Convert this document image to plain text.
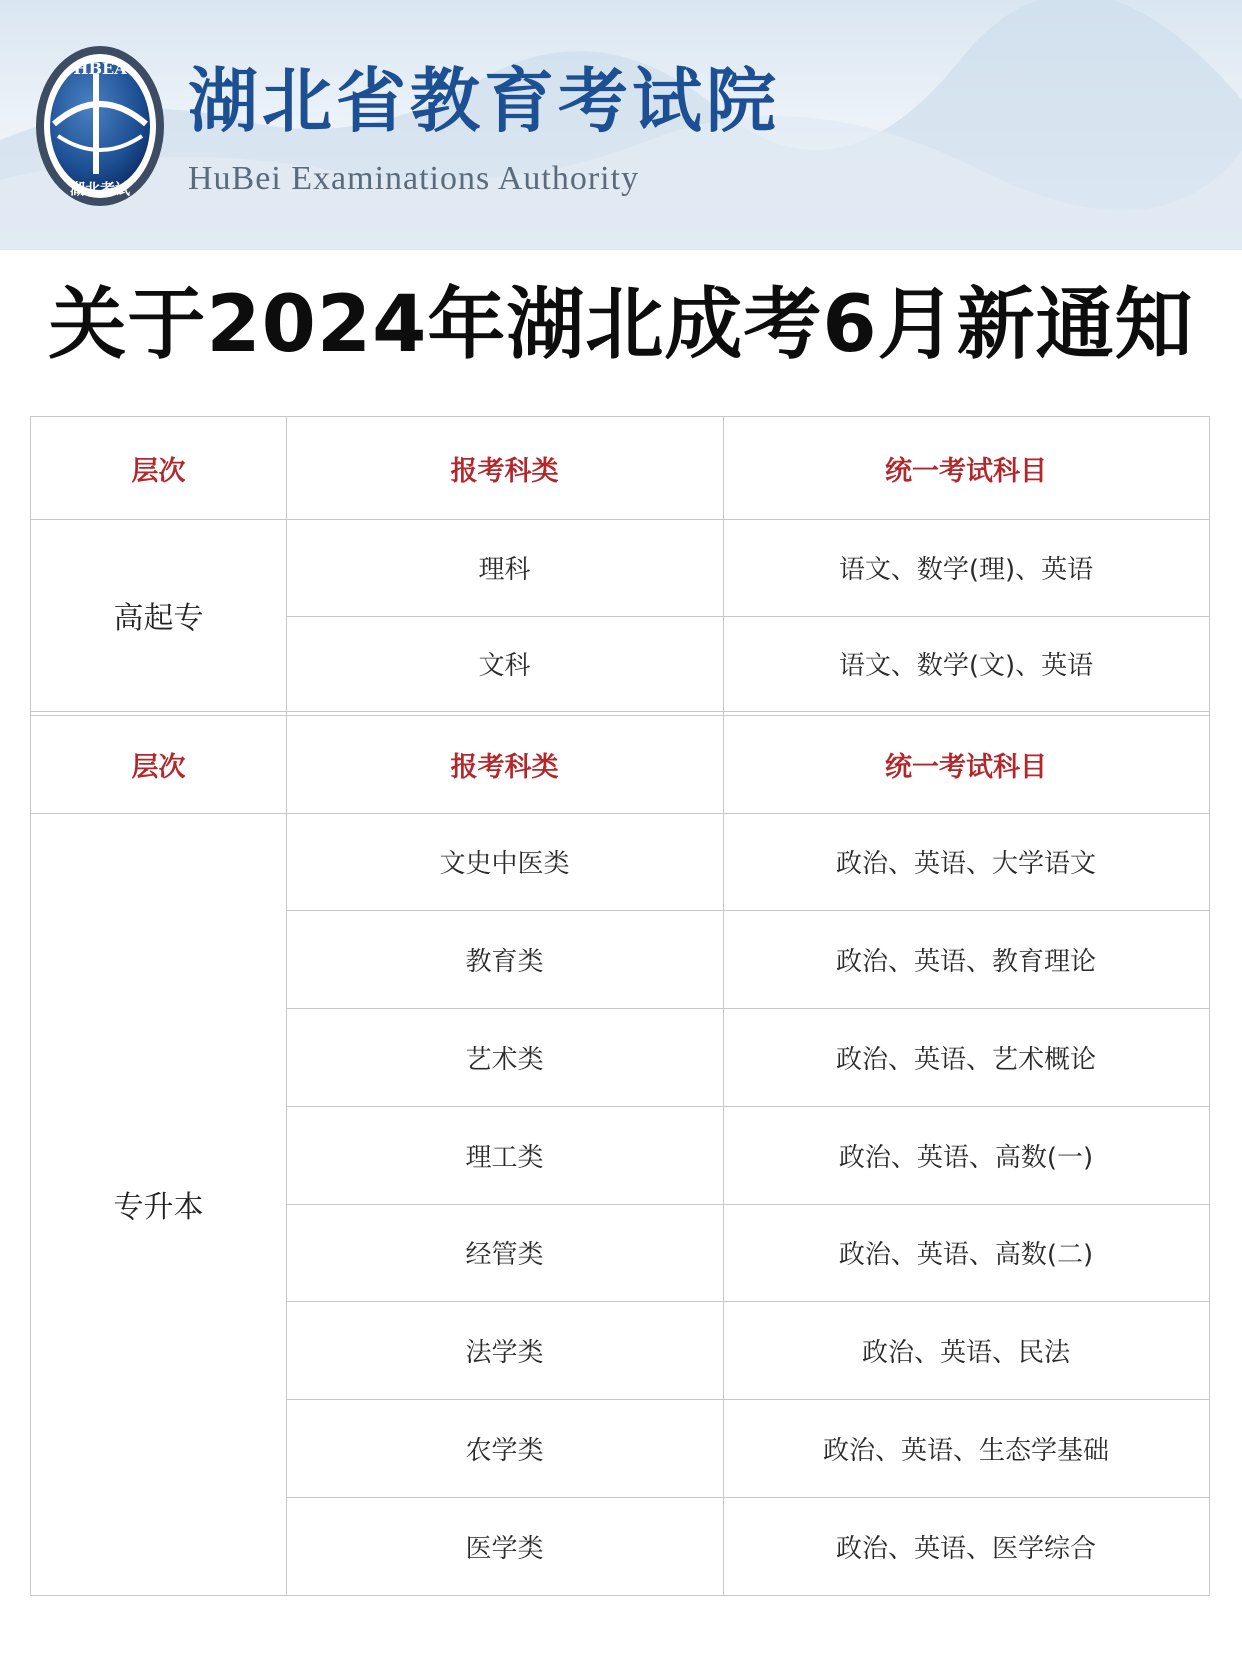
HBEA
湖北考试
湖北省教育考试院
HuBei Examinations Authority
关于2024年湖北成考6月新通知
层次	报考科类	统一考试科目
高起专
理科	语文、数学(理)、英语
文科	语文、数学(文)、英语
层次	报考科类	统一考试科目
专升本
文史中医类	政治、英语、大学语文
教育类	政治、英语、教育理论
艺术类	政治、英语、艺术概论
理工类	政治、英语、高数(一)
经管类	政治、英语、高数(二)
法学类	政治、英语、民法
农学类	政治、英语、生态学基础
医学类	政治、英语、医学综合
